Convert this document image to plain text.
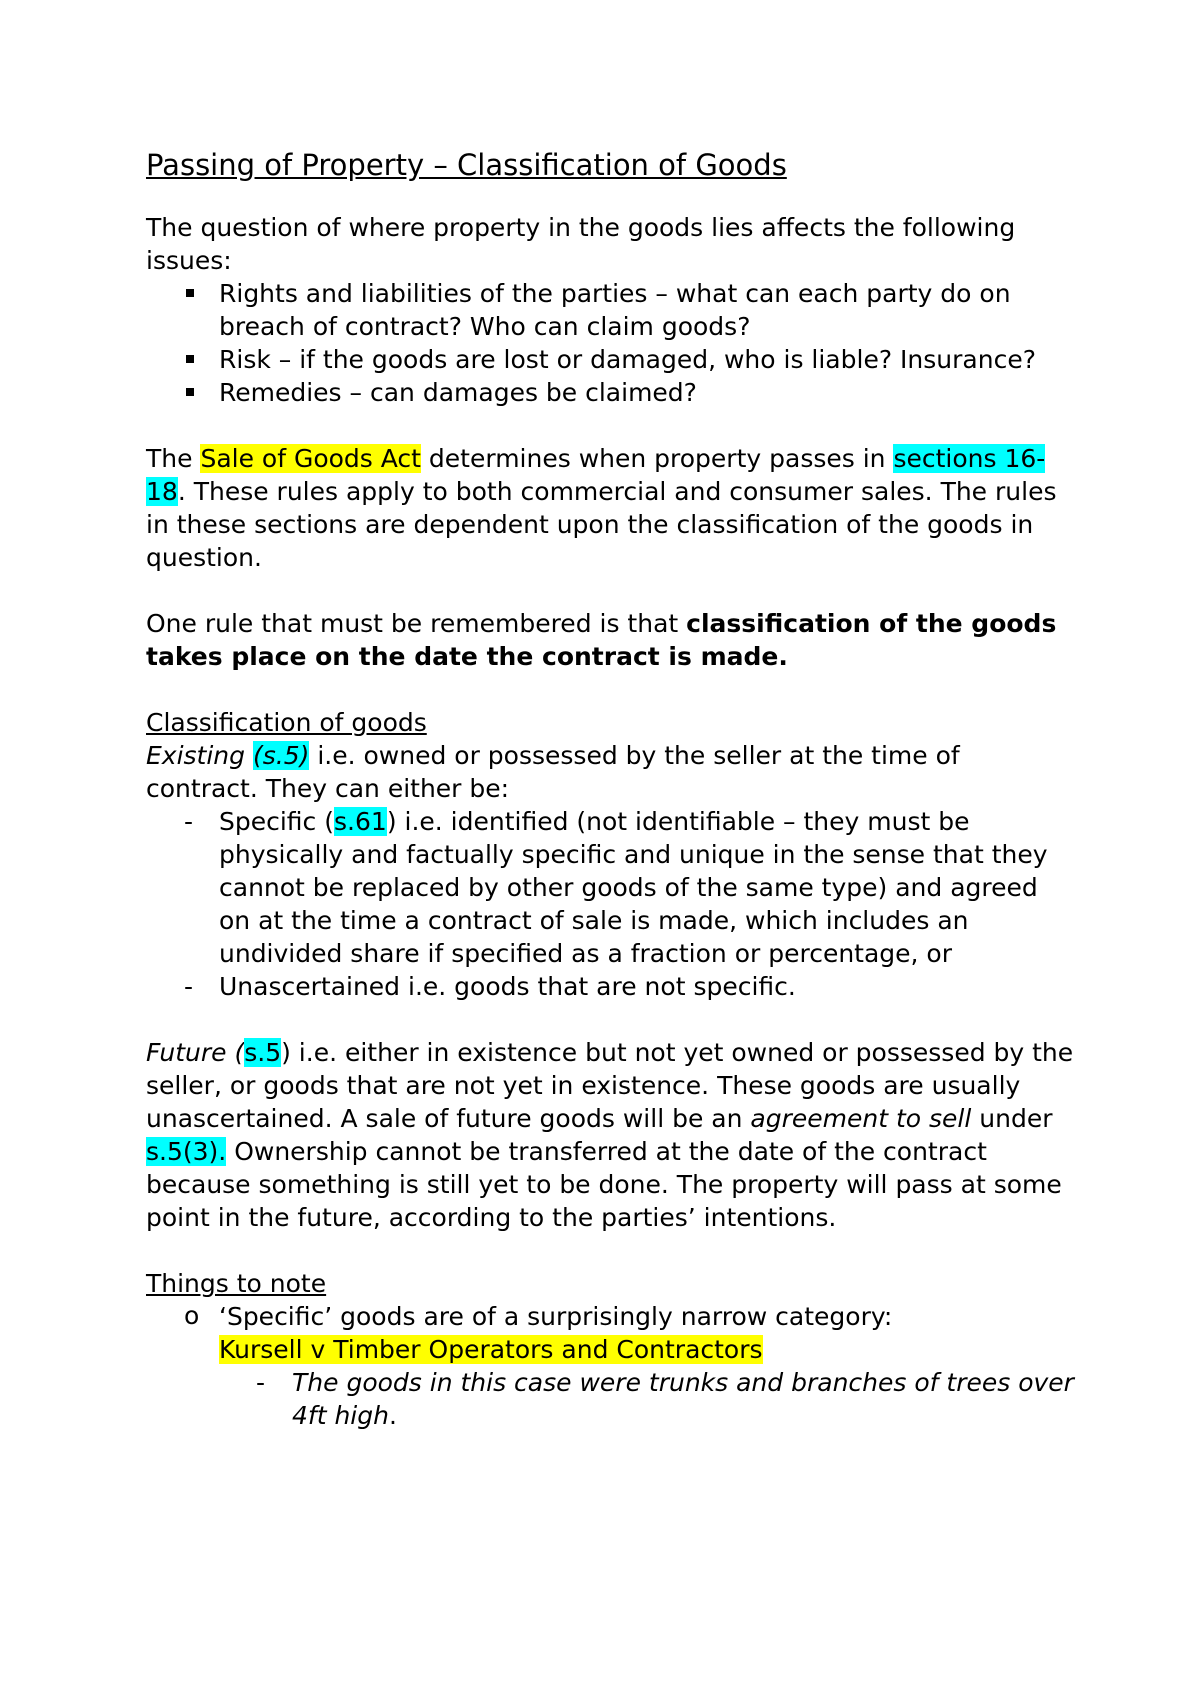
Passing of Property – Classification of Goods

The question of where property in the goods lies affects the following issues:

Rights and liabilities of the parties – what can each party do on breach of contract? Who can claim goods?
Risk – if the goods are lost or damaged, who is liable? Insurance?
Remedies – can damages be claimed?

The Sale of Goods Act determines when property passes in sections 16-18. These rules apply to both commercial and consumer sales. The rules in these sections are dependent upon the classification of the goods in question.

One rule that must be remembered is that classification of the goods takes place on the date the contract is made.

Classification of goods

Existing (s.5) i.e. owned or possessed by the seller at the time of contract. They can either be:

- Specific (s.61) i.e. identified (not identifiable – they must be physically and factually specific and unique in the sense that they cannot be replaced by other goods of the same type) and agreed on at the time a contract of sale is made, which includes an undivided share if specified as a fraction or percentage, or
- Unascertained i.e. goods that are not specific.

Future (s.5) i.e. either in existence but not yet owned or possessed by the seller, or goods that are not yet in existence. These goods are usually unascertained. A sale of future goods will be an agreement to sell under s.5(3). Ownership cannot be transferred at the date of the contract because something is still yet to be done. The property will pass at some point in the future, according to the parties’ intentions.

Things to note

o ‘Specific’ goods are of a surprisingly narrow category:
Kursell v Timber Operators and Contractors
- The goods in this case were trunks and branches of trees over 4ft high.
